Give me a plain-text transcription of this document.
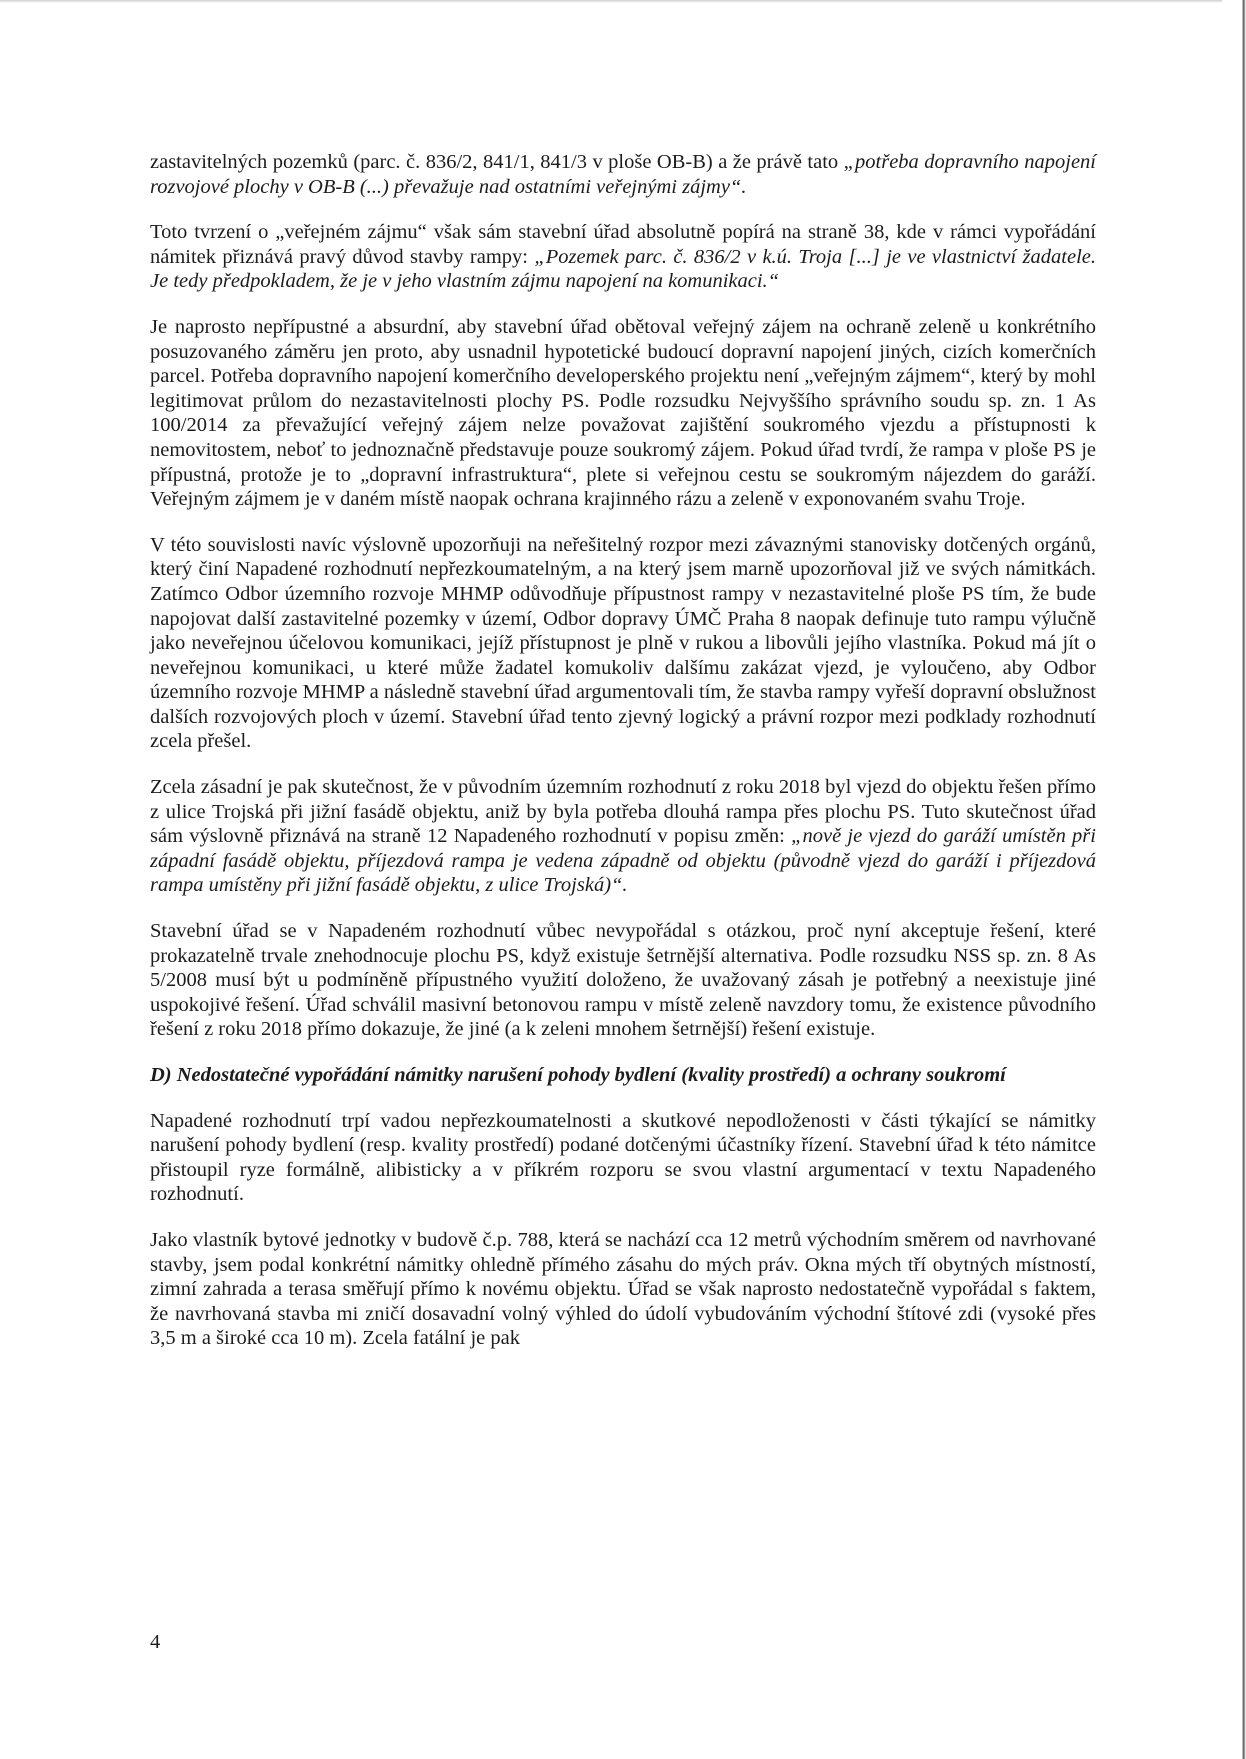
zastavitelných pozemků (parc. č. 836/2, 841/1, 841/3 v ploše OB-B) a že právě tato „potřeba dopravního napojení rozvojové plochy v OB-B (...) převažuje nad ostatními veřejnými zájmy“.

Toto tvrzení o „veřejném zájmu“ však sám stavební úřad absolutně popírá na straně 38, kde v rámci vypořádání námitek přiznává pravý důvod stavby rampy: „Pozemek parc. č. 836/2 v k.ú. Troja [...] je ve vlastnictví žadatele. Je tedy předpokladem, že je v jeho vlastním zájmu napojení na komunikaci.“

Je naprosto nepřípustné a absurdní, aby stavební úřad obětoval veřejný zájem na ochraně zeleně u konkrétního posuzovaného záměru jen proto, aby usnadnil hypotetické budoucí dopravní napojení jiných, cizích komerčních parcel. Potřeba dopravního napojení komerčního developerského projektu není „veřejným zájmem“, který by mohl legitimovat průlom do nezastavitelnosti plochy PS. Podle rozsudku Nejvyššího správního soudu sp. zn. 1 As 100/2014 za převažující veřejný zájem nelze považovat zajištění soukromého vjezdu a přístupnosti k nemovitostem, neboť to jednoznačně představuje pouze soukromý zájem. Pokud úřad tvrdí, že rampa v ploše PS je přípustná, protože je to „dopravní infrastruktura“, plete si veřejnou cestu se soukromým nájezdem do garáží. Veřejným zájmem je v daném místě naopak ochrana krajinného rázu a zeleně v exponovaném svahu Troje.

V této souvislosti navíc výslovně upozorňuji na neřešitelný rozpor mezi závaznými stanovisky dotčených orgánů, který činí Napadené rozhodnutí nepřezkoumatelným, a na který jsem marně upozorňoval již ve svých námitkách. Zatímco Odbor územního rozvoje MHMP odůvodňuje přípustnost rampy v nezastavitelné ploše PS tím, že bude napojovat další zastavitelné pozemky v území, Odbor dopravy ÚMČ Praha 8 naopak definuje tuto rampu výlučně jako neveřejnou účelovou komunikaci, jejíž přístupnost je plně v rukou a libovůli jejího vlastníka. Pokud má jít o neveřejnou komunikaci, u které může žadatel komukoliv dalšímu zakázat vjezd, je vyloučeno, aby Odbor územního rozvoje MHMP a následně stavební úřad argumentovali tím, že stavba rampy vyřeší dopravní obslužnost dalších rozvojových ploch v území. Stavební úřad tento zjevný logický a právní rozpor mezi podklady rozhodnutí zcela přešel.

Zcela zásadní je pak skutečnost, že v původním územním rozhodnutí z roku 2018 byl vjezd do objektu řešen přímo z ulice Trojská při jižní fasádě objektu, aniž by byla potřeba dlouhá rampa přes plochu PS. Tuto skutečnost úřad sám výslovně přiznává na straně 12 Napadeného rozhodnutí v popisu změn: „nově je vjezd do garáží umístěn při západní fasádě objektu, příjezdová rampa je vedena západně od objektu (původně vjezd do garáží i příjezdová rampa umístěny při jižní fasádě objektu, z ulice Trojská)“.

Stavební úřad se v Napadeném rozhodnutí vůbec nevypořádal s otázkou, proč nyní akceptuje řešení, které prokazatelně trvale znehodnocuje plochu PS, když existuje šetrnější alternativa. Podle rozsudku NSS sp. zn. 8 As 5/2008 musí být u podmíněně přípustného využití doloženo, že uvažovaný zásah je potřebný a neexistuje jiné uspokojivé řešení. Úřad schválil masivní betonovou rampu v místě zeleně navzdory tomu, že existence původního řešení z roku 2018 přímo dokazuje, že jiné (a k zeleni mnohem šetrnější) řešení existuje.

D) Nedostatečné vypořádání námitky narušení pohody bydlení (kvality prostředí) a ochrany soukromí

Napadené rozhodnutí trpí vadou nepřezkoumatelnosti a skutkové nepodloženosti v části týkající se námitky narušení pohody bydlení (resp. kvality prostředí) podané dotčenými účastníky řízení. Stavební úřad k této námitce přistoupil ryze formálně, alibisticky a v příkrém rozporu se svou vlastní argumentací v textu Napadeného rozhodnutí.

Jako vlastník bytové jednotky v budově č.p. 788, která se nachází cca 12 metrů východním směrem od navrhované stavby, jsem podal konkrétní námitky ohledně přímého zásahu do mých práv. Okna mých tří obytných místností, zimní zahrada a terasa směřují přímo k novému objektu. Úřad se však naprosto nedostatečně vypořádal s faktem, že navrhovaná stavba mi zničí dosavadní volný výhled do údolí vybudováním východní štítové zdi (vysoké přes 3,5 m a široké cca 10 m). Zcela fatální je pak

4
